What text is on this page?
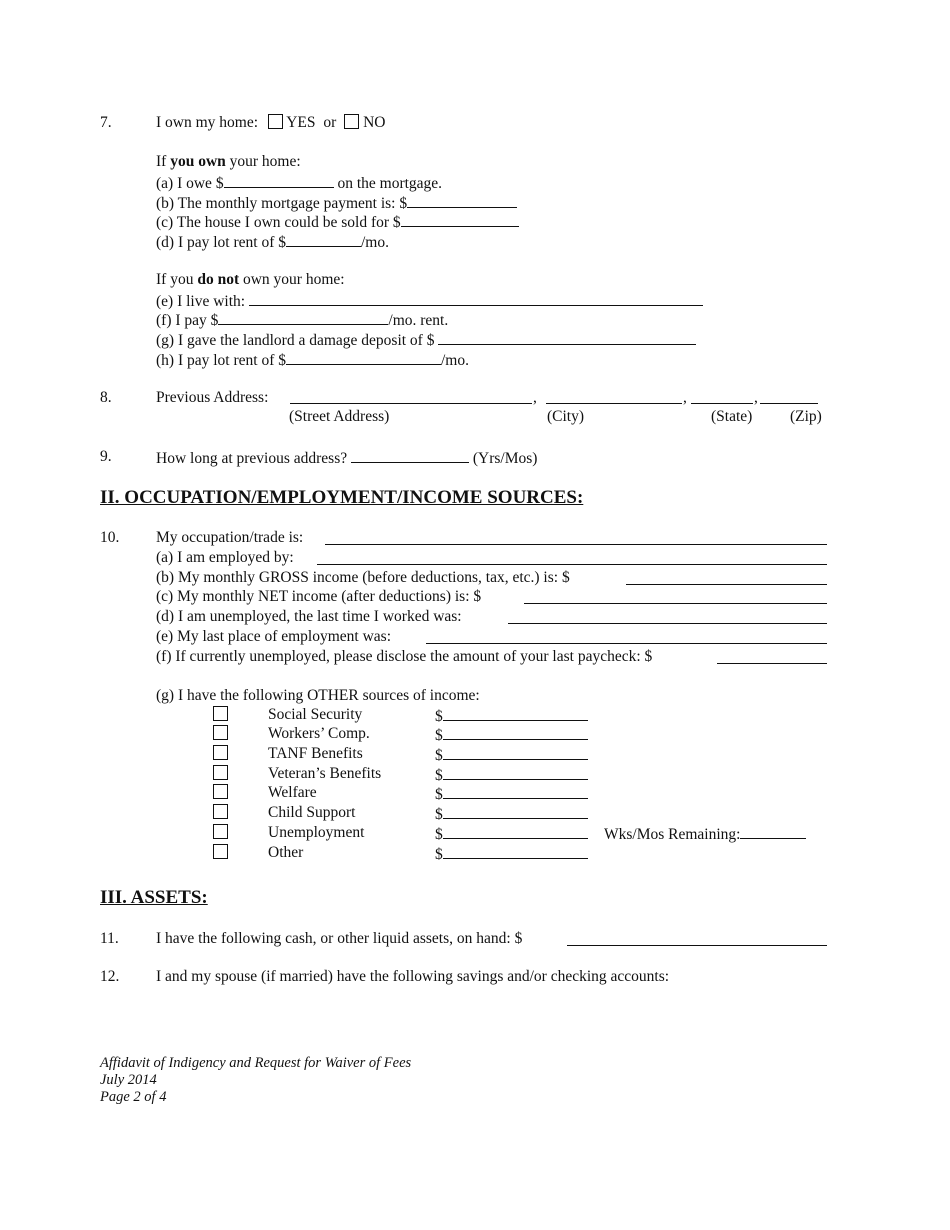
7.	I own my home: YES or NO
If you own your home:
(a) I owe $	on the mortgage.
(b) The monthly mortgage payment is: $
(c) The house I own could be sold for $
(d) I pay lot rent of $	/mo.
If you do not own your home:
(e) I live with:
(f) I pay $	/mo. rent.
(g) I gave the landlord a damage deposit of $
(h) I pay lot rent of $	/mo.
8.	Previous Address:	,	,	,
(Street Address)	(City)	(State) (Zip)
9.	How long at previous address?	(Yrs/Mos)
II. OCCUPATION/EMPLOYMENT/INCOME SOURCES:
10. My occupation/trade is:
(a) I am employed by:
(b) My monthly GROSS income (before deductions, tax, etc.) is: $
(c) My monthly NET income (after deductions) is: $
(d) I am unemployed, the last time I worked was:
(e) My last place of employment was:
(f) If currently unemployed, please disclose the amount of your last paycheck: $
(g) I have the following OTHER sources of income:
Social Security	$
Workers’ Comp.	$
TANF Benefits	$
Veteran’s Benefits	$
Welfare	$
Child Support	$
Unemployment	$	Wks/Mos Remaining:
Other	$
III. ASSETS:
11. I have the following cash, or other liquid assets, on hand: $
12. I and my spouse (if married) have the following savings and/or checking accounts:
Affidavit of Indigency and Request for Waiver of Fees
July 2014
Page 2 of 4
